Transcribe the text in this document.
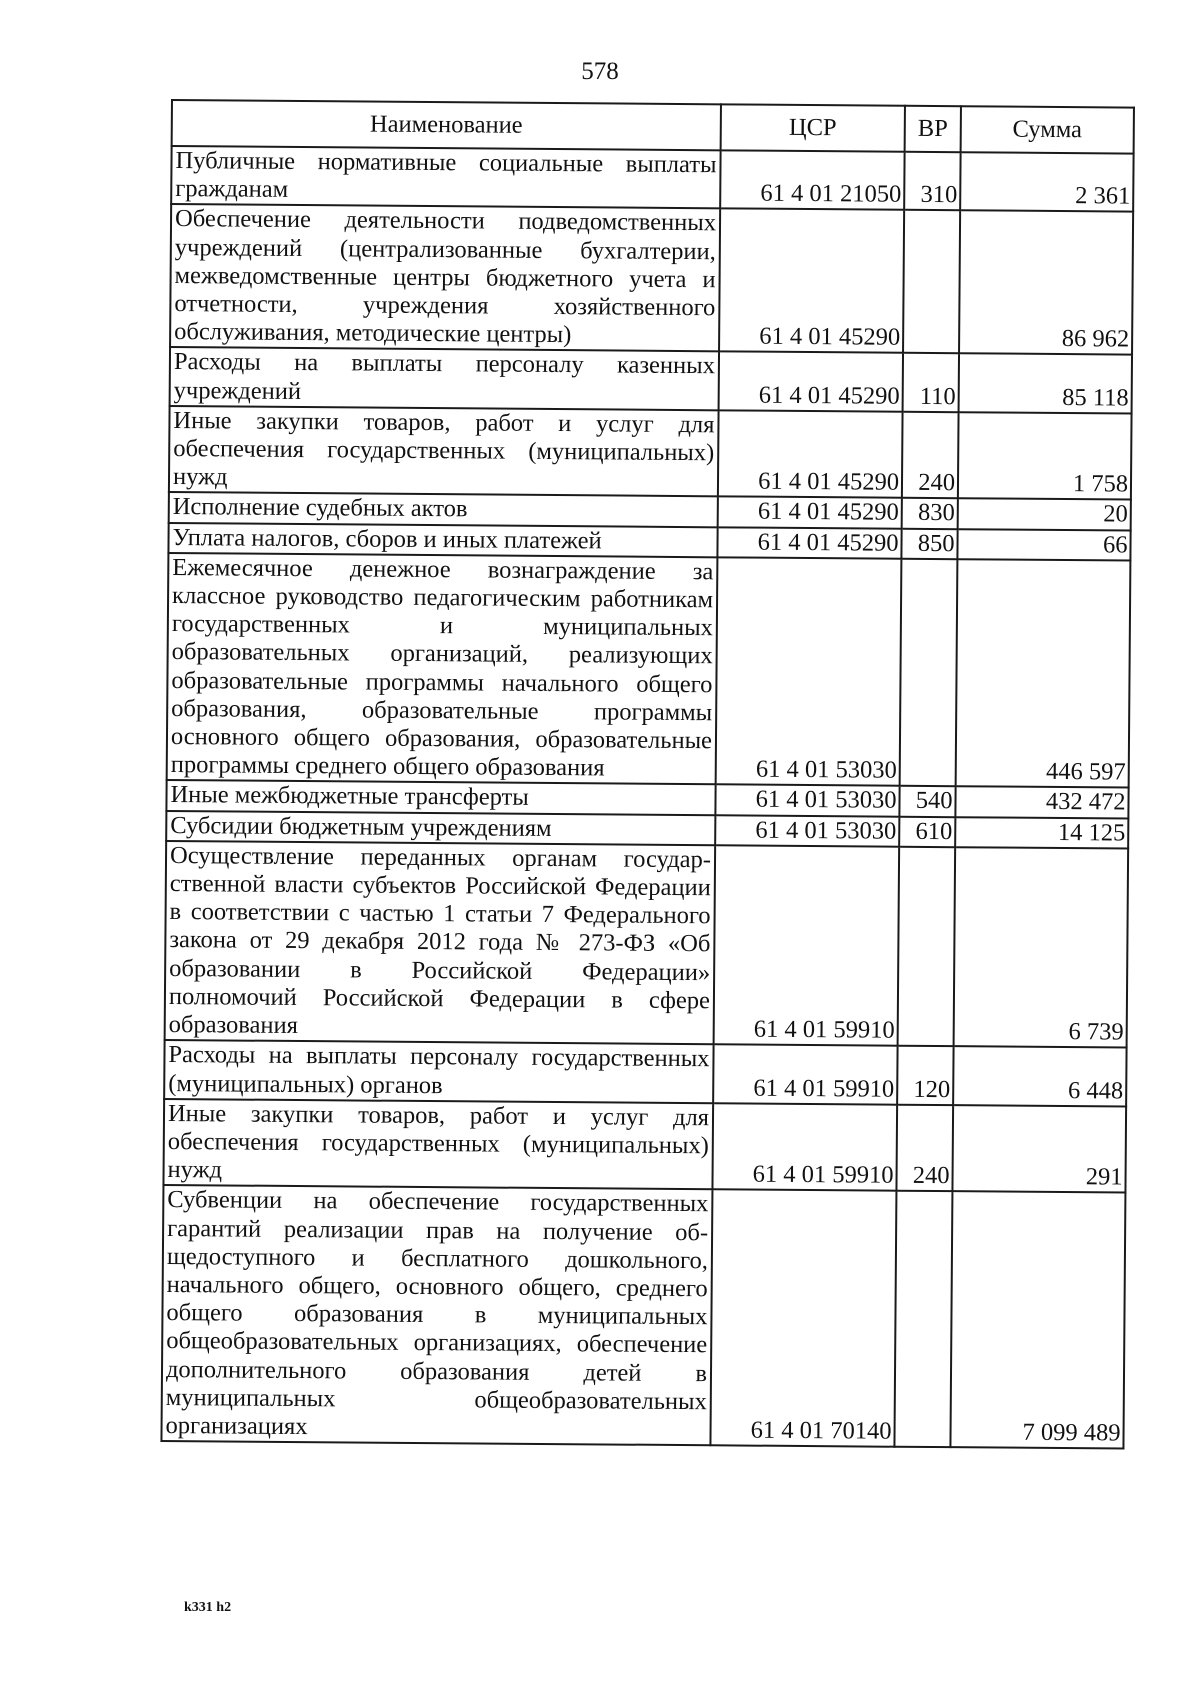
578
Наименование	ЦСР	ВР	Сумма
Публичные нормативные социальные выплаты гражданам	61 4 01 21050	310	2 361
Обеспечение деятельности подведомственных учреждений (централизованные бухгалтерии, межведомственные центры бюджетного учета и отчетности, учреждения хозяйственного обслуживания, методические центры)	61 4 01 45290		86 962
Расходы на выплаты персоналу казенных учреждений	61 4 01 45290	110	85 118
Иные закупки товаров, работ и услуг для обеспечения государственных (муниципальных) нужд	61 4 01 45290	240	1 758
Исполнение судебных актов	61 4 01 45290	830	20
Уплата налогов, сборов и иных платежей	61 4 01 45290	850	66
Ежемесячное денежное вознаграждение за классное руководство педагогическим работникам государственных и муниципальных образовательных организаций, реализующих образовательные программы начального общего образования, образовательные программы основного общего образования, образовательные программы среднего общего образования	61 4 01 53030		446 597
Иные межбюджетные трансферты	61 4 01 53030	540	432 472
Субсидии бюджетным учреждениям	61 4 01 53030	610	14 125
Осуществление переданных органам государственной власти субъектов Российской Федерации в соответствии с частью 1 статьи 7 Федерального закона от 29 декабря 2012 года № 273-ФЗ «Об образовании в Российской Федерации» полномочий Российской Федерации в сфере образования	61 4 01 59910		6 739
Расходы на выплаты персоналу государственных (муниципальных) органов	61 4 01 59910	120	6 448
Иные закупки товаров, работ и услуг для обеспечения государственных (муниципальных) нужд	61 4 01 59910	240	291
Субвенции на обеспечение государственных гарантий реализации прав на получение общедоступного и бесплатного дошкольного, начального общего, основного общего, среднего общего образования в муниципальных общеобразовательных организациях, обеспечение дополнительного образования детей в муниципальных общеобразовательных организациях	61 4 01 70140		7 099 489
k331 h2
